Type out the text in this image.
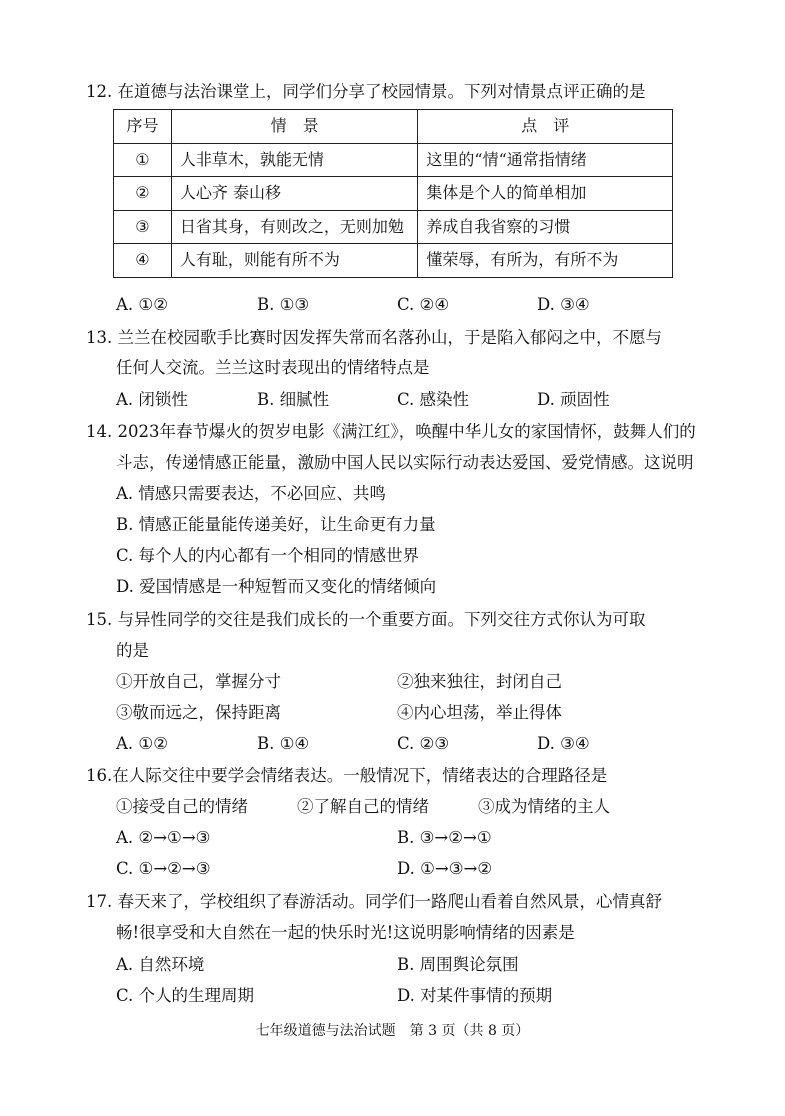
12. 在道德与法治课堂上，同学们分享了校园情景。下列对情景点评正确的是
序号	情　景	点　评
①	人非草木，孰能无情	这里的“情“通常指情绪
②	人心齐 泰山移	集体是个人的简单相加
③	日省其身，有则改之，无则加勉	养成自我省察的习惯
④	人有耻，则能有所不为	懂荣辱，有所为，有所不为
A. ①②	B. ①③	C. ②④	D. ③④
13. 兰兰在校园歌手比赛时因发挥失常而名落孙山，于是陷入郁闷之中，不愿与
任何人交流。兰兰这时表现出的情绪特点是
A. 闭锁性	B. 细腻性	C. 感染性	D. 顽固性
14. 2023年春节爆火的贺岁电影《满江红》，唤醒中华儿女的家国情怀，鼓舞人们的
斗志，传递情感正能量，激励中国人民以实际行动表达爱国、爱党情感。这说明
A. 情感只需要表达，不必回应、共鸣
B. 情感正能量能传递美好，让生命更有力量
C. 每个人的内心都有一个相同的情感世界
D. 爱国情感是一种短暂而又变化的情绪倾向
15. 与异性同学的交往是我们成长的一个重要方面。下列交往方式你认为可取
的是
①开放自己，掌握分寸	②独来独往，封闭自己
③敬而远之，保持距离	④内心坦荡，举止得体
A. ①②	B. ①④	C. ②③	D. ③④
16.在人际交往中要学会情绪表达。一般情况下，情绪表达的合理路径是
①接受自己的情绪	②了解自己的情绪	③成为情绪的主人
A. ②→①→③	B. ③→②→①
C. ①→②→③	D. ①→③→②
17. 春天来了，学校组织了春游活动。同学们一路爬山看着自然风景，心情真舒
畅!很享受和大自然在一起的快乐时光!这说明影响情绪的因素是
A. 自然环境	B. 周围舆论氛围
C. 个人的生理周期	D. 对某件事情的预期
七年级道德与法治试题　第 3 页（共 8 页）
